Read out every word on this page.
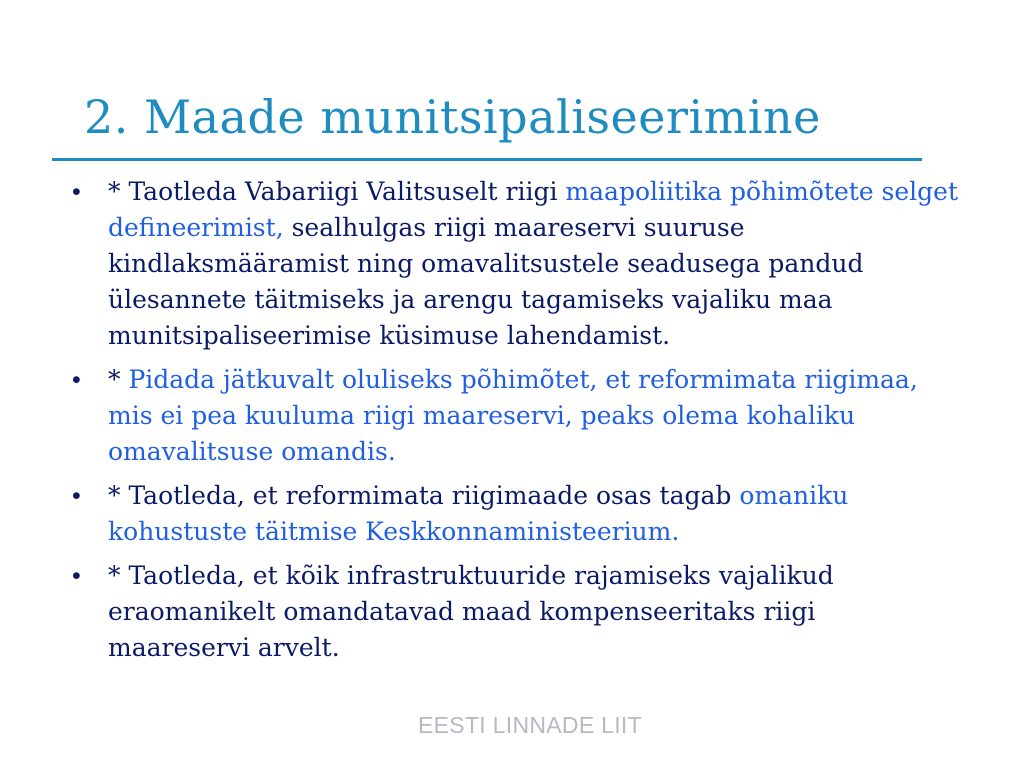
2. Maade munitsipaliseerimine
• * Taotleda Vabariigi Valitsuselt riigi maapoliitika põhimõtete selget defineerimist, sealhulgas riigi maareservi suuruse kindlaksmääramist ning omavalitsustele seadusega pandud ülesannete täitmiseks ja arengu tagamiseks vajaliku maa munitsipaliseerimise küsimuse lahendamist.
• * Pidada jätkuvalt oluliseks põhimõtet, et reformimata riigimaa, mis ei pea kuuluma riigi maareservi, peaks olema kohaliku omavalitsuse omandis.
• * Taotleda, et reformimata riigimaade osas tagab omaniku kohustuste täitmise Keskkonnaministeerium.
• * Taotleda, et kõik infrastruktuuride rajamiseks vajalikud eraomanikelt omandatavad maad kompenseeritaks riigi maareservi arvelt.
EESTI LINNADE LIIT
